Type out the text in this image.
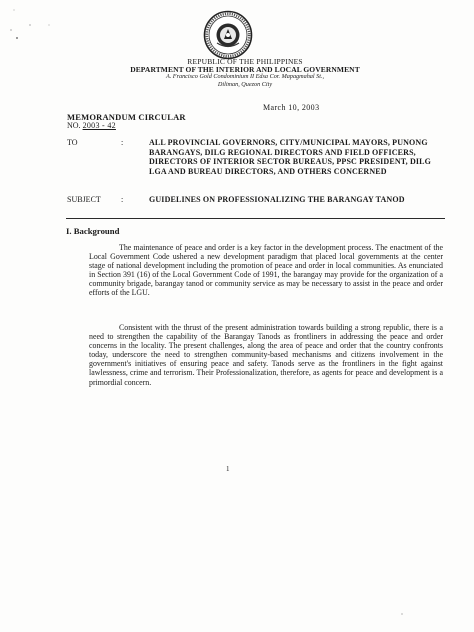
REPUBLIC OF THE PHILIPPINES
DEPARTMENT OF THE INTERIOR AND LOCAL GOVERNMENT
A. Francisco Gold Condominium II Edsa Cor. Mapagmahal St.,
Diliman, Quezon City
March 10, 2003
MEMORANDUM CIRCULAR
NO. 2003 - 42
TO	:	ALL PROVINCIAL GOVERNORS, CITY/MUNICIPAL MAYORS, PUNONG BARANGAYS, DILG REGIONAL DIRECTORS AND FIELD OFFICERS, DIRECTORS OF INTERIOR SECTOR BUREAUS, PPSC PRESIDENT, DILG LGA AND BUREAU DIRECTORS, AND OTHERS CONCERNED
SUBJECT	:	GUIDELINES ON PROFESSIONALIZING THE BARANGAY TANOD
I. Background

The maintenance of peace and order is a key factor in the development process. The enactment of the Local Government Code ushered a new development paradigm that placed local governments at the center stage of national development including the promotion of peace and order in local communities. As enunciated in Section 391 (16) of the Local Government Code of 1991, the barangay may provide for the organization of a community brigade, barangay tanod or community service as may be necessary to assist in the peace and order efforts of the LGU.

Consistent with the thrust of the present administration towards building a strong republic, there is a need to strengthen the capability of the Barangay Tanods as frontliners in addressing the peace and order concerns in the locality. The present challenges, along the area of peace and order that the country confronts today, underscore the need to strengthen community-based mechanisms and citizens involvement in the government's initiatives of ensuring peace and safety. Tanods serve as the frontliners in the fight against lawlessness, crime and terrorism. Their Professionalization, therefore, as agents for peace and development is a primordial concern.

1
